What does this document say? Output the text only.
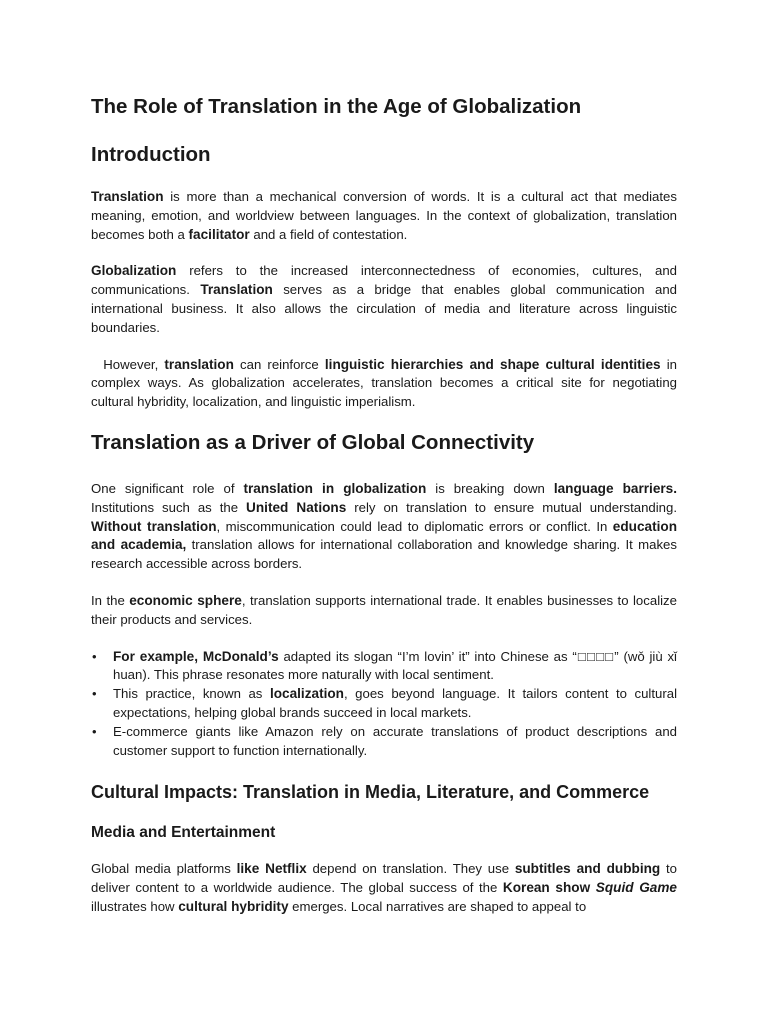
The Role of Translation in the Age of Globalization
Introduction

Translation is more than a mechanical conversion of words. It is a cultural act that mediates meaning, emotion, and worldview between languages. In the context of globalization, translation becomes both a facilitator and a field of contestation.

Globalization refers to the increased interconnectedness of economies, cultures, and communications. Translation serves as a bridge that enables global communication and international business. It also allows the circulation of media and literature across linguistic boundaries.

However, translation can reinforce linguistic hierarchies and shape cultural identities in complex ways. As globalization accelerates, translation becomes a critical site for negotiating cultural hybridity, localization, and linguistic imperialism.

Translation as a Driver of Global Connectivity

One significant role of translation in globalization is breaking down language barriers. Institutions such as the United Nations rely on translation to ensure mutual understanding. Without translation, miscommunication could lead to diplomatic errors or conflict. In education and academia, translation allows for international collaboration and knowledge sharing. It makes research accessible across borders.

In the economic sphere, translation supports international trade. It enables businesses to localize their products and services.

• For example, McDonald’s adapted its slogan “I’m lovin’ it” into Chinese as “□□□□” (wǒ jiù xǐ huan). This phrase resonates more naturally with local sentiment.
• This practice, known as localization, goes beyond language. It tailors content to cultural expectations, helping global brands succeed in local markets.
• E-commerce giants like Amazon rely on accurate translations of product descriptions and customer support to function internationally.
Cultural Impacts: Translation in Media, Literature, and Commerce
Media and Entertainment

Global media platforms like Netflix depend on translation. They use subtitles and dubbing to deliver content to a worldwide audience. The global success of the Korean show Squid Game illustrates how cultural hybridity emerges. Local narratives are shaped to appeal to
